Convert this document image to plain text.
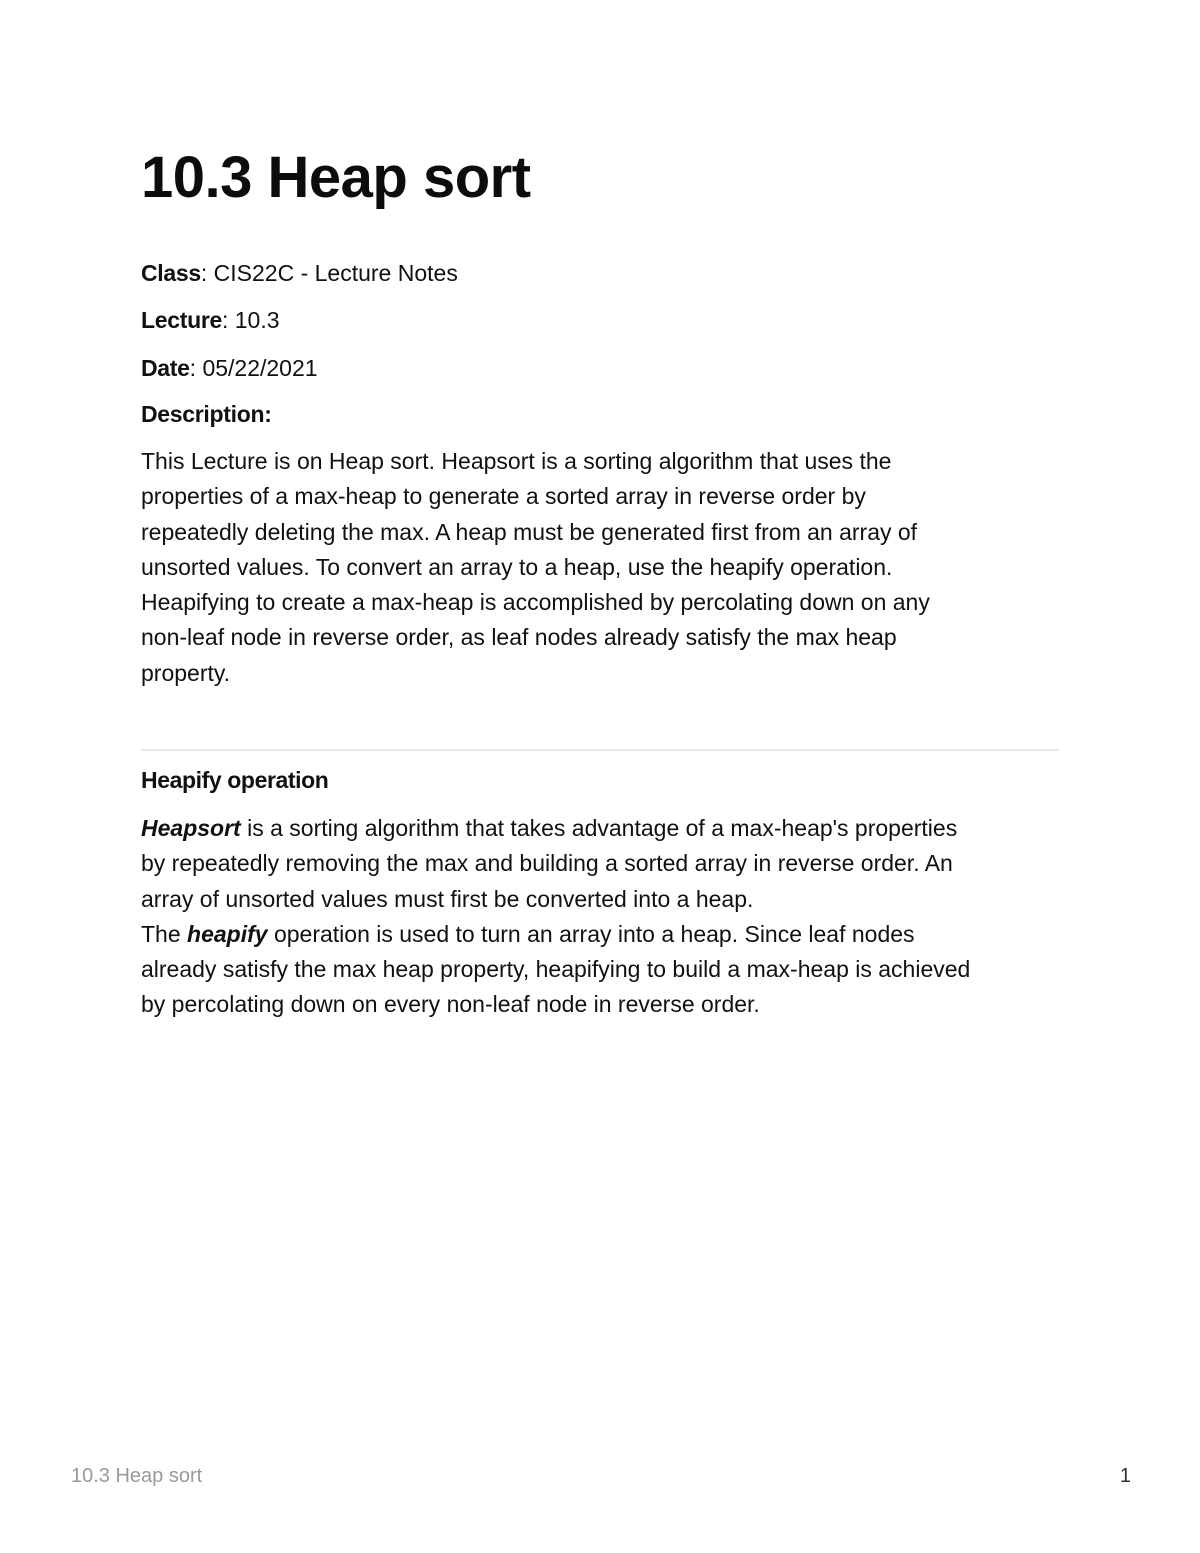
10.3 Heap sort

Class: CIS22C - Lecture Notes

Lecture: 10.3

Date: 05/22/2021

Description:

This Lecture is on Heap sort. Heapsort is a sorting algorithm that uses the
properties of a max-heap to generate a sorted array in reverse order by
repeatedly deleting the max. A heap must be generated first from an array of
unsorted values. To convert an array to a heap, use the heapify operation.
Heapifying to create a max-heap is accomplished by percolating down on any
non-leaf node in reverse order, as leaf nodes already satisfy the max heap
property.
Heapify operation
Heapsort is a sorting algorithm that takes advantage of a max-heap's properties
by repeatedly removing the max and building a sorted array in reverse order. An
array of unsorted values must first be converted into a heap.
The heapify operation is used to turn an array into a heap. Since leaf nodes
already satisfy the max heap property, heapifying to build a max-heap is achieved
by percolating down on every non-leaf node in reverse order.
10.3 Heap sort	1
